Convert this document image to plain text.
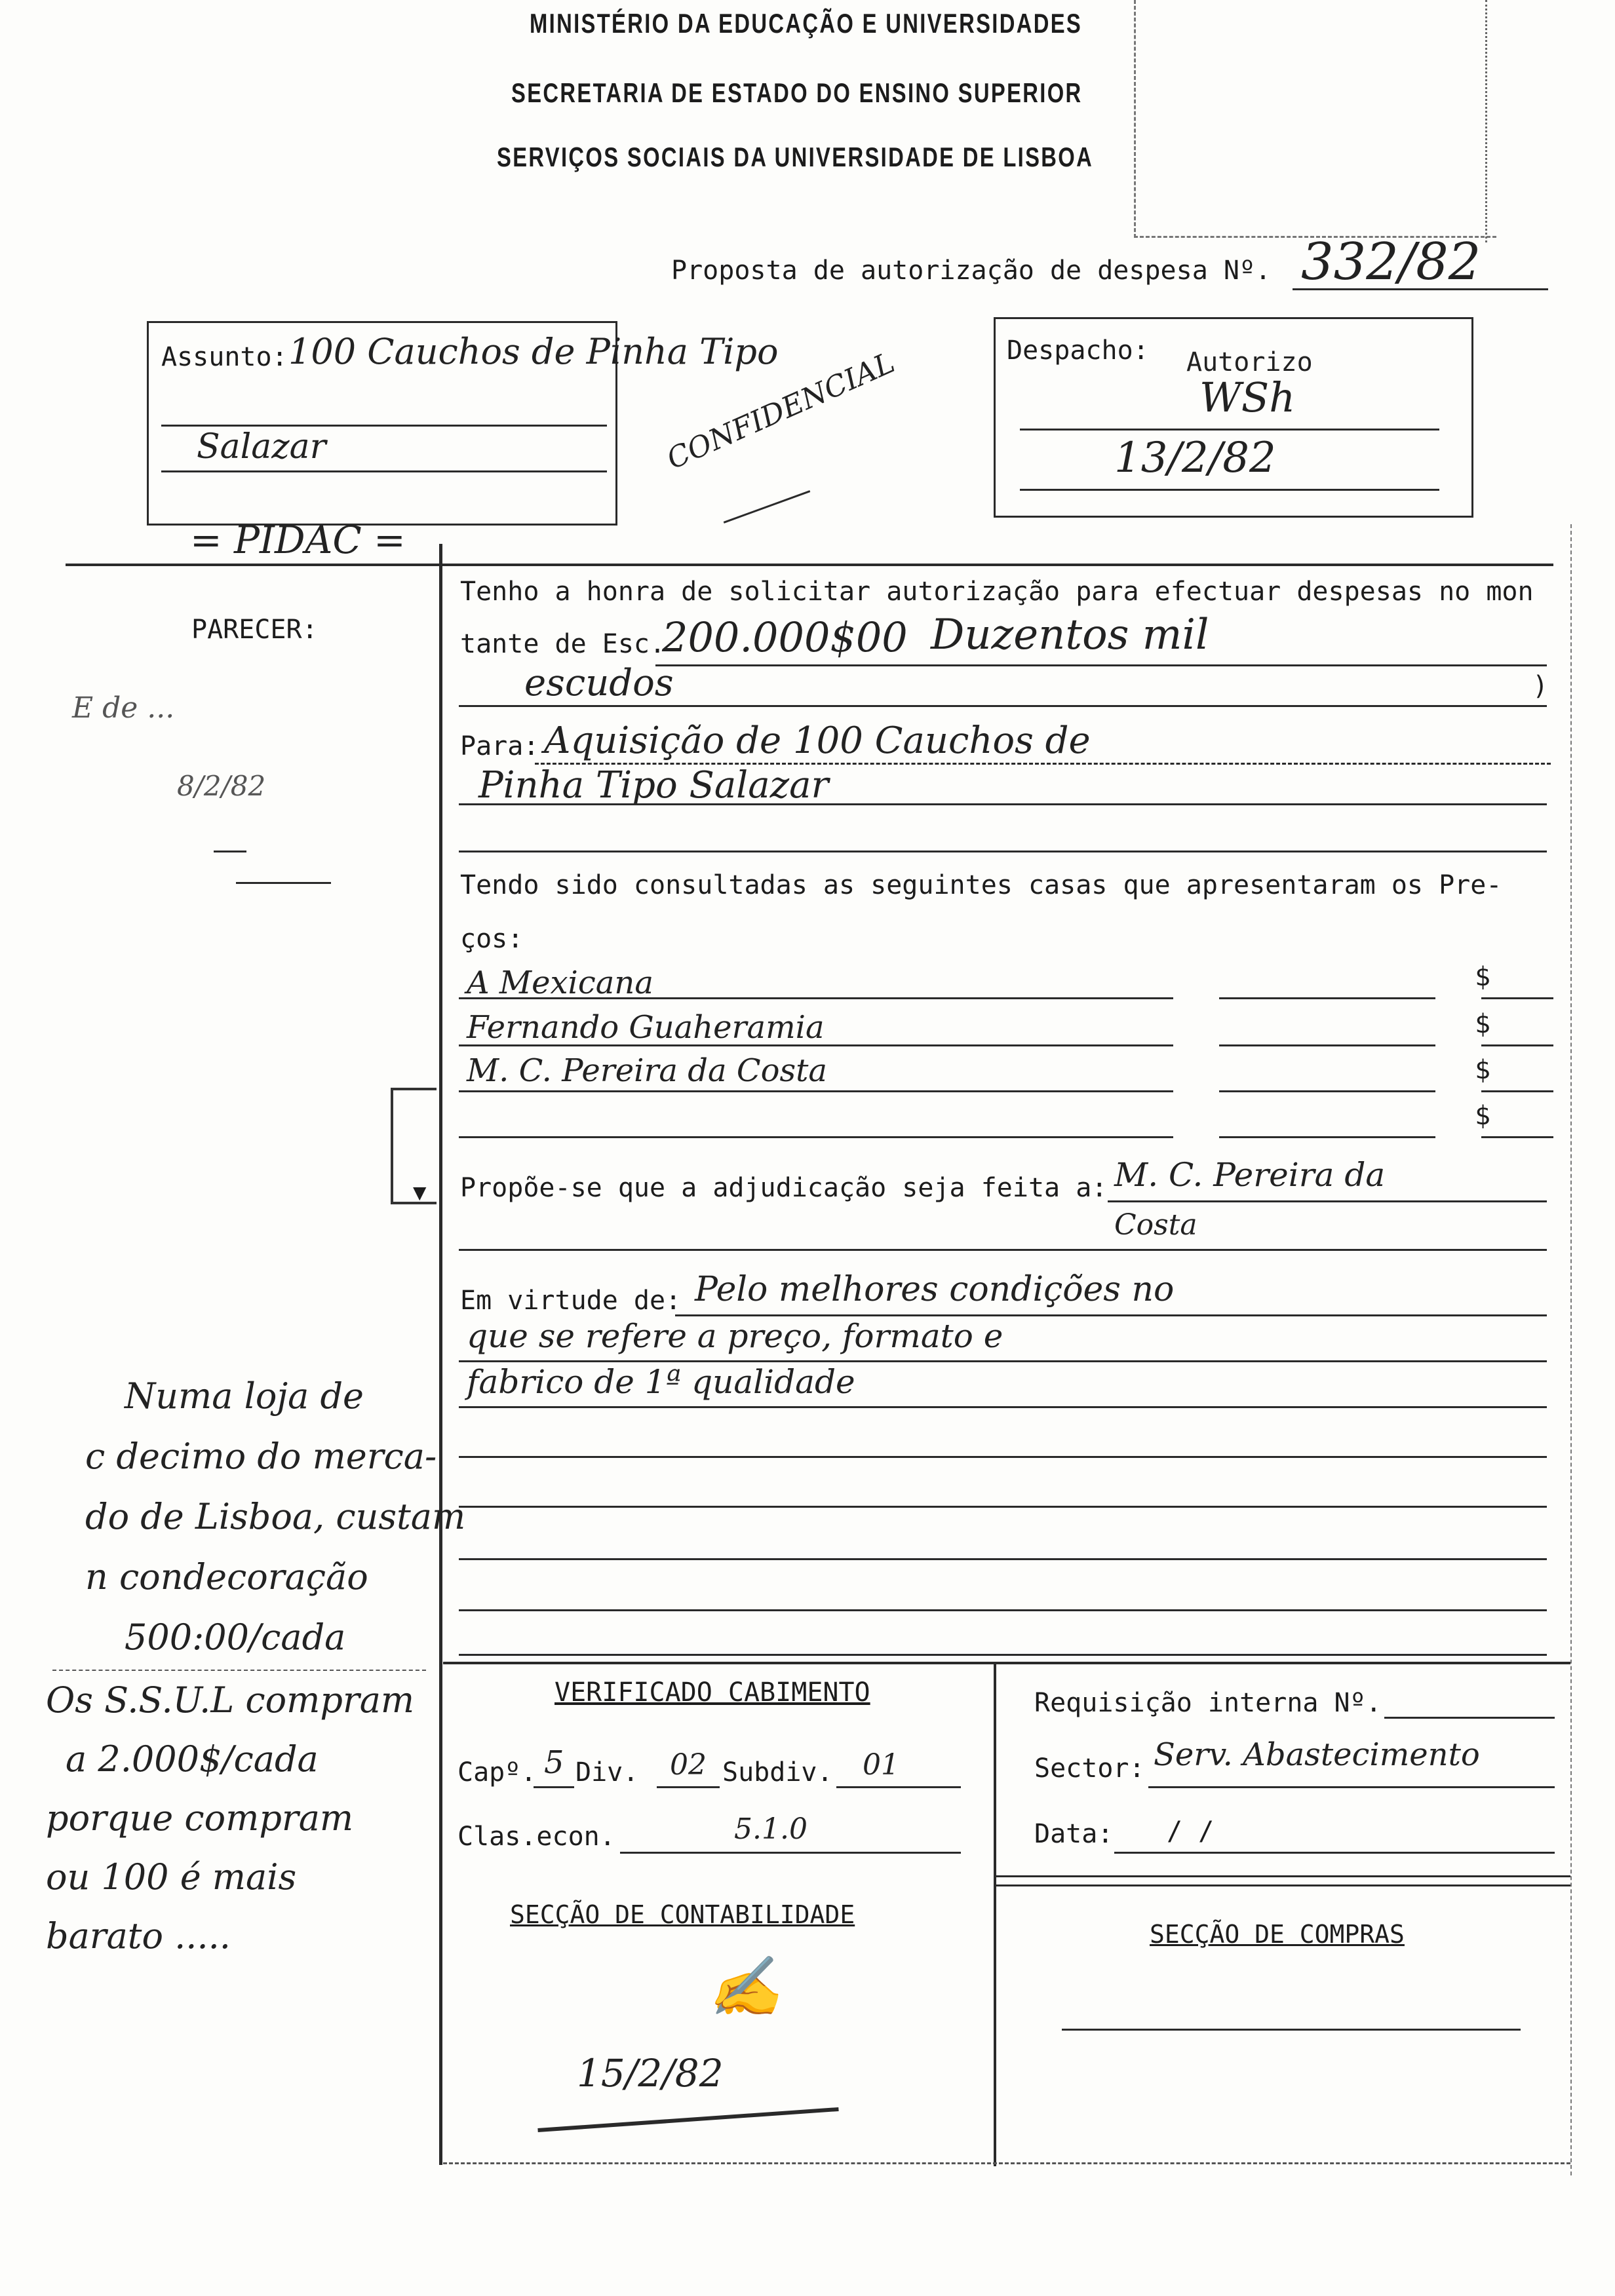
MINISTÉRIO DA EDUCAÇÃO E UNIVERSIDADES
SECRETARIA DE ESTADO DO ENSINO SUPERIOR
SERVIÇOS SOCIAIS DA UNIVERSIDADE DE LISBOA
Proposta de autorização de despesa Nº. 332/82
Assunto: 100 Cauchos de Pinha Tipo
Salazar
= PIDAC =
CONFIDENCIAL	Despacho: Autorizo
WSh
13/2/82
PARECER:
E de ...
8/2/82
Numa loja de
c decimo do merca-
do de Lisboa, custam
n condecoração
500:00/cada
Os S.S.U.L compram
a 2.000$/cada
porque compram
ou 100 é mais
barato .....
Tenho a honra de solicitar autorização para efectuar despesas no mon
tante de Esc.
200.000$00 Duzentos mil
escudos	)
Para: Aquisição de 100 Cauchos de
Pinha Tipo Salazar
Tendo sido consultadas as seguintes casas que apresentaram os Pre-
ços:
A Mexicana	$
Fernando Guaheramia	$
M. C. Pereira da Costa	$
$
▼ Propõe-se que a adjudicação seja feita a: M. C. Pereira da
Costa
Em virtude de: Pelo melhores condições no
que se refere a preço, formato e
fabrico de 1ª qualidade
VERIFICADO CABIMENTO
Capº. 5 Div. 02 Subdiv. 01
Clas.econ.	5.1.0
SECÇÃO DE CONTABILIDADE
✍
15/2/82
Requisição interna Nº.
Sector: Serv. Abastecimento
Data: / /
SECÇÃO DE COMPRAS
